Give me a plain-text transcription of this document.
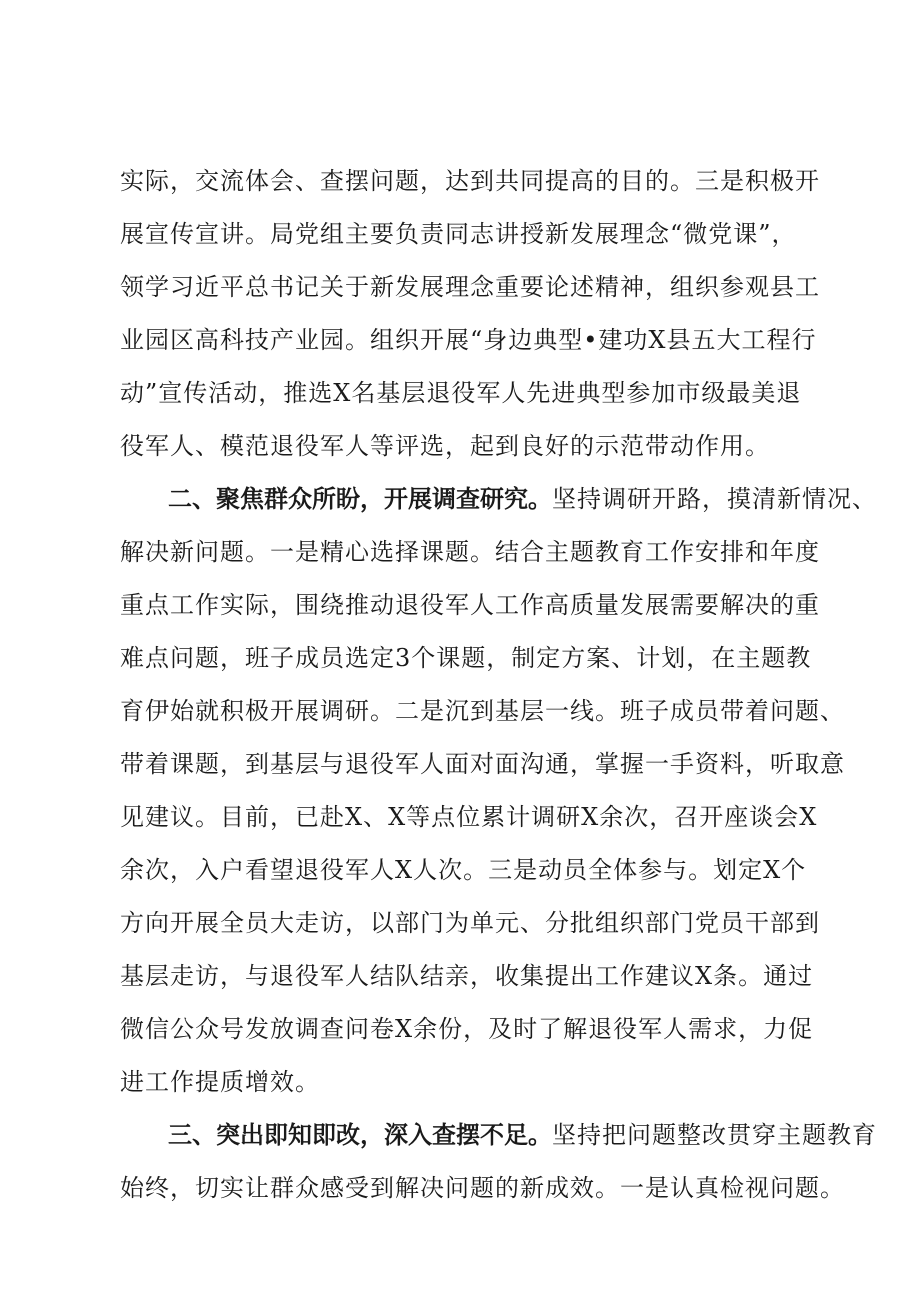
实际，交流体会、查摆问题，达到共同提高的目的。三是积极开
展宣传宣讲。局党组主要负责同志讲授新发展理念“微党课”，
领学习近平总书记关于新发展理念重要论述精神，组织参观县工
业园区高科技产业园。组织开展“身边典型•建功X县五大工程行
动”宣传活动，推选X名基层退役军人先进典型参加市级最美退
役军人、模范退役军人等评选，起到良好的示范带动作用。
二、聚焦群众所盼，开展调查研究。坚持调研开路，摸清新情况、
解决新问题。一是精心选择课题。结合主题教育工作安排和年度
重点工作实际，围绕推动退役军人工作高质量发展需要解决的重
难点问题，班子成员选定3个课题，制定方案、计划，在主题教
育伊始就积极开展调研。二是沉到基层一线。班子成员带着问题、
带着课题，到基层与退役军人面对面沟通，掌握一手资料，听取意
见建议。目前，已赴X、X等点位累计调研X余次，召开座谈会X
余次，入户看望退役军人X人次。三是动员全体参与。划定X个
方向开展全员大走访，以部门为单元、分批组织部门党员干部到
基层走访，与退役军人结队结亲，收集提出工作建议X条。通过
微信公众号发放调查问卷X余份，及时了解退役军人需求，力促
进工作提质增效。
三、突出即知即改，深入查摆不足。坚持把问题整改贯穿主题教育
始终，切实让群众感受到解决问题的新成效。一是认真检视问题。
